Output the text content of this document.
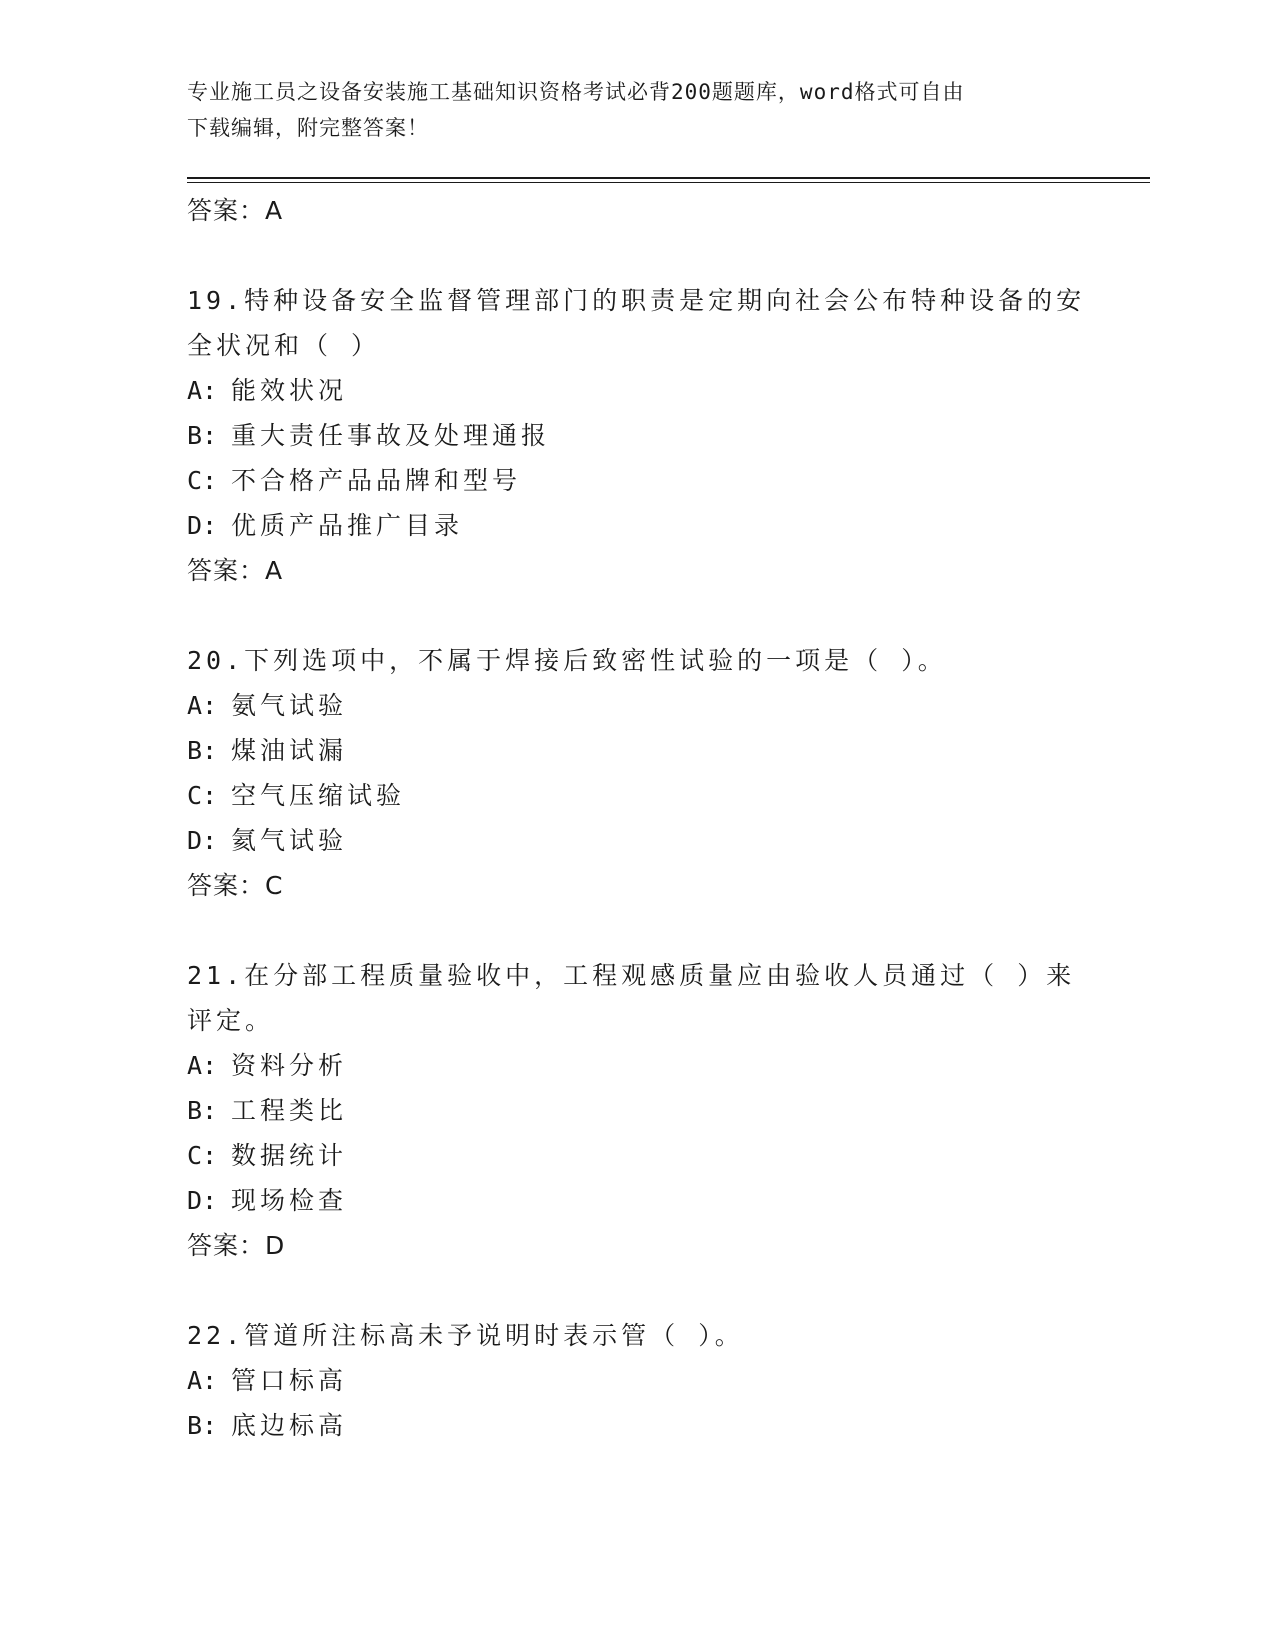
专业施工员之设备安装施工基础知识资格考试必背200题题库，word格式可自由
下载编辑，附完整答案！
答案：A
19.特种设备安全监督管理部门的职责是定期向社会公布特种设备的安
全状况和（ ）
A: 能效状况
B: 重大责任事故及处理通报
C: 不合格产品品牌和型号
D: 优质产品推广目录
答案：A
20.下列选项中，不属于焊接后致密性试验的一项是（ ）。
A: 氨气试验
B: 煤油试漏
C: 空气压缩试验
D: 氦气试验
答案：C
21.在分部工程质量验收中，工程观感质量应由验收人员通过（ ）来
评定。
A: 资料分析
B: 工程类比
C: 数据统计
D: 现场检查
答案：D
22.管道所注标高未予说明时表示管（ ）。
A: 管口标高
B: 底边标高
